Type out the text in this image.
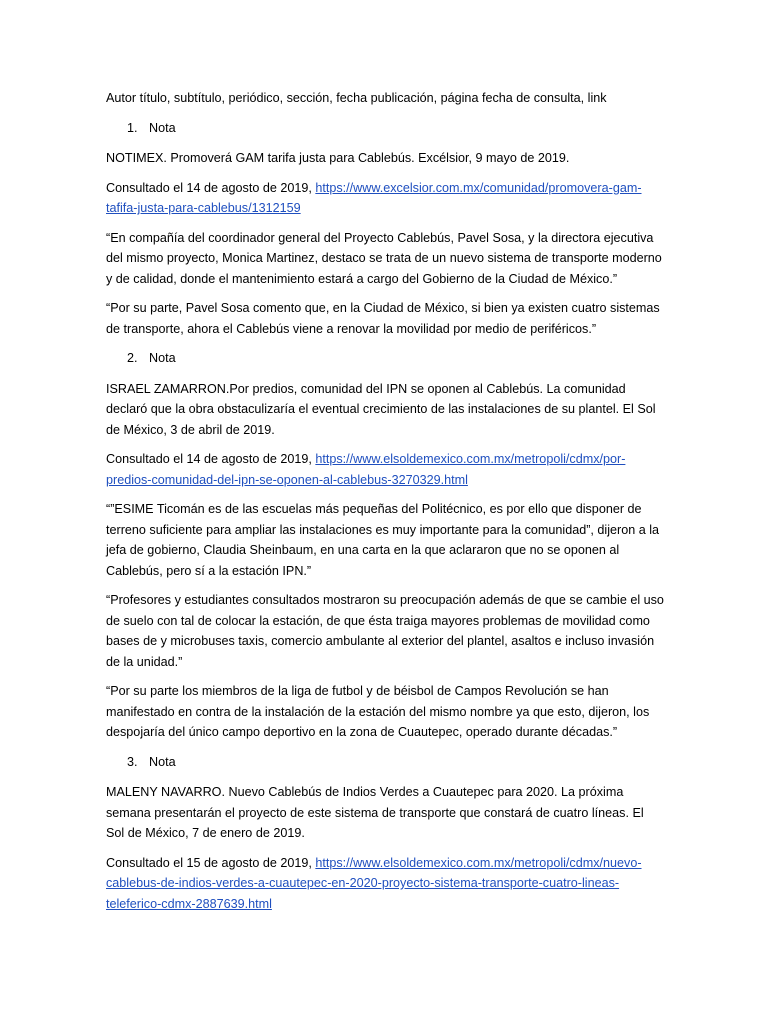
Autor título, subtítulo, periódico, sección, fecha publicación, página fecha de consulta, link

1. Nota

NOTIMEX. Promoverá GAM tarifa justa para Cablebús. Excélsior, 9 mayo de 2019.

Consultado el 14 de agosto de 2019, https://www.excelsior.com.mx/comunidad/promovera-gam-tafifa-justa-para-cablebus/1312159

“En compañía del coordinador general del Proyecto Cablebús, Pavel Sosa, y la directora ejecutiva del mismo proyecto, Monica Martinez, destaco se trata de un nuevo sistema de transporte moderno y de calidad, donde el mantenimiento estará a cargo del Gobierno de la Ciudad de México.”

“Por su parte, Pavel Sosa comento que, en la Ciudad de México, si bien ya existen cuatro sistemas de transporte, ahora el Cablebús viene a renovar la movilidad por medio de periféricos.”

2. Nota

ISRAEL ZAMARRON.Por predios, comunidad del IPN se oponen al Cablebús. La comunidad declaró que la obra obstaculizaría el eventual crecimiento de las instalaciones de su plantel. El Sol de México, 3 de abril de 2019.

Consultado el 14 de agosto de 2019, https://www.elsoldemexico.com.mx/metropoli/cdmx/por-predios-comunidad-del-ipn-se-oponen-al-cablebus-3270329.html

“”ESIME Ticomán es de las escuelas más pequeñas del Politécnico, es por ello que disponer de terreno suficiente para ampliar las instalaciones es muy importante para la comunidad”, dijeron a la jefa de gobierno, Claudia Sheinbaum, en una carta en la que aclararon que no se oponen al Cablebús, pero sí a la estación IPN.”

“Profesores y estudiantes consultados mostraron su preocupación además de que se cambie el uso de suelo con tal de colocar la estación, de que ésta traiga mayores problemas de movilidad como bases de y microbuses taxis, comercio ambulante al exterior del plantel, asaltos e incluso invasión de la unidad.”

“Por su parte los miembros de la liga de futbol y de béisbol de Campos Revolución se han manifestado en contra de la instalación de la estación del mismo nombre ya que esto, dijeron, los despojaría del único campo deportivo en la zona de Cuautepec, operado durante décadas.”

3. Nota

MALENY NAVARRO. Nuevo Cablebús de Indios Verdes a Cuautepec para 2020. La próxima semana presentarán el proyecto de este sistema de transporte que constará de cuatro líneas. El Sol de México, 7 de enero de 2019.

Consultado el 15 de agosto de 2019, https://www.elsoldemexico.com.mx/metropoli/cdmx/nuevo-cablebus-de-indios-verdes-a-cuautepec-en-2020-proyecto-sistema-transporte-cuatro-lineas-teleferico-cdmx-2887639.html
